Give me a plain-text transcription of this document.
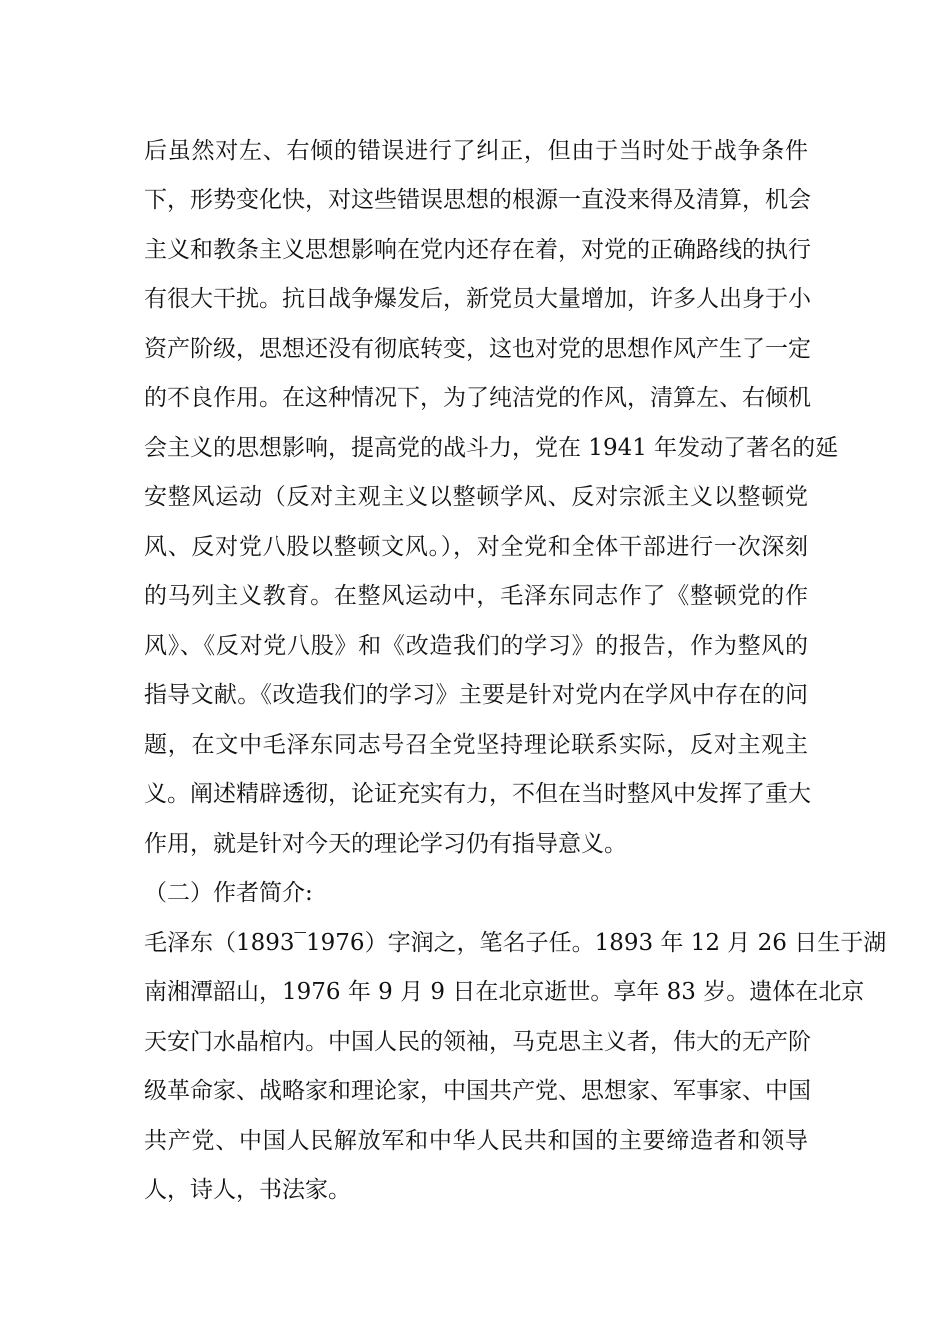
后虽然对左、右倾的错误进行了纠正，但由于当时处于战争条件
下，形势变化快，对这些错误思想的根源一直没来得及清算，机会
主义和教条主义思想影响在党内还存在着，对党的正确路线的执行
有很大干扰。抗日战争爆发后，新党员大量增加，许多人出身于小
资产阶级，思想还没有彻底转变，这也对党的思想作风产生了一定
的不良作用。在这种情况下，为了纯洁党的作风，清算左、右倾机
会主义的思想影响，提高党的战斗力，党在 1941 年发动了著名的延
安整风运动（反对主观主义以整顿学风、反对宗派主义以整顿党
风、反对党八股以整顿文风。），对全党和全体干部进行一次深刻
的马列主义教育。在整风运动中，毛泽东同志作了《整顿党的作
风》、《反对党八股》和《改造我们的学习》的报告，作为整风的
指导文献。《改造我们的学习》主要是针对党内在学风中存在的问
题，在文中毛泽东同志号召全党坚持理论联系实际，反对主观主
义。阐述精辟透彻，论证充实有力，不但在当时整风中发挥了重大
作用，就是针对今天的理论学习仍有指导意义。
（二）作者简介:
毛泽东（1893‾1976）字润之，笔名子任。1893 年 12 月 26 日生于湖
南湘潭韶山，1976 年 9 月 9 日在北京逝世。享年 83 岁。遗体在北京
天安门水晶棺内。中国人民的领袖，马克思主义者，伟大的无产阶
级革命家、战略家和理论家，中国共产党、思想家、军事家、中国
共产党、中国人民解放军和中华人民共和国的主要缔造者和领导
人，诗人，书法家。
